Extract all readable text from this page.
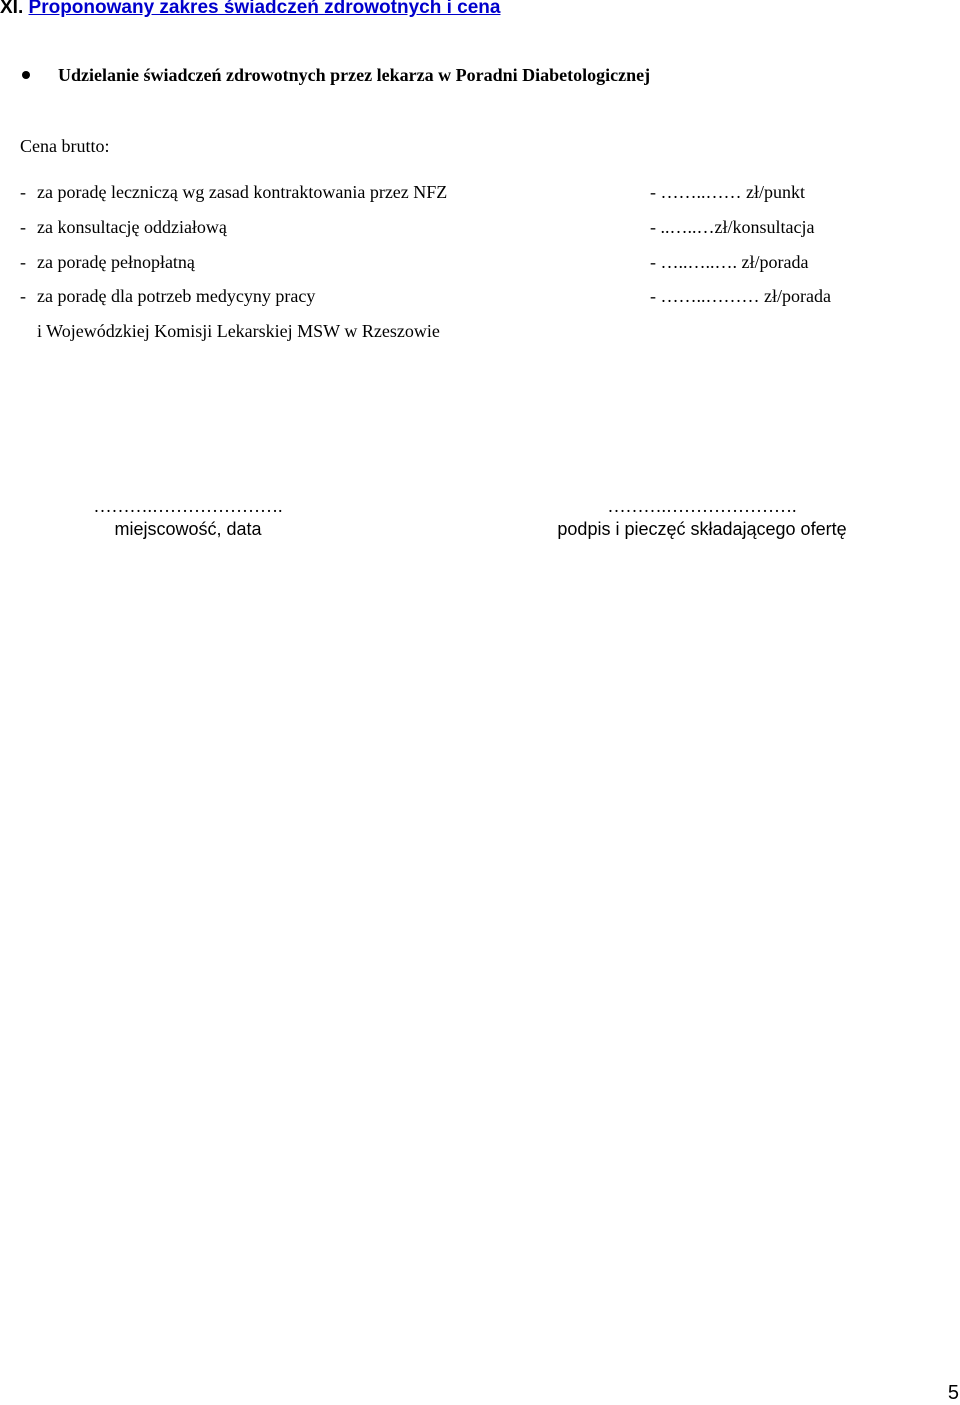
XI. Proponowany zakres świadczeń zdrowotnych i cena
Udzielanie świadczeń zdrowotnych przez lekarza w Poradni Diabetologicznej
Cena brutto:
- za poradę leczniczą wg zasad kontraktowania przez NFZ	- ……..…… zł/punkt
- za konsultację oddziałową	- ..…..…zł/konsultacja
- za poradę pełnopłatną	- …..…..…. zł/porada
- za poradę dla potrzeb medycyny pracy	- ……..……… zł/porada
i Wojewódzkiej Komisji Lekarskiej MSW w Rzeszowie
……….………………….
miejscowość, data
……….………………….
podpis i pieczęć składającego ofertę
5
